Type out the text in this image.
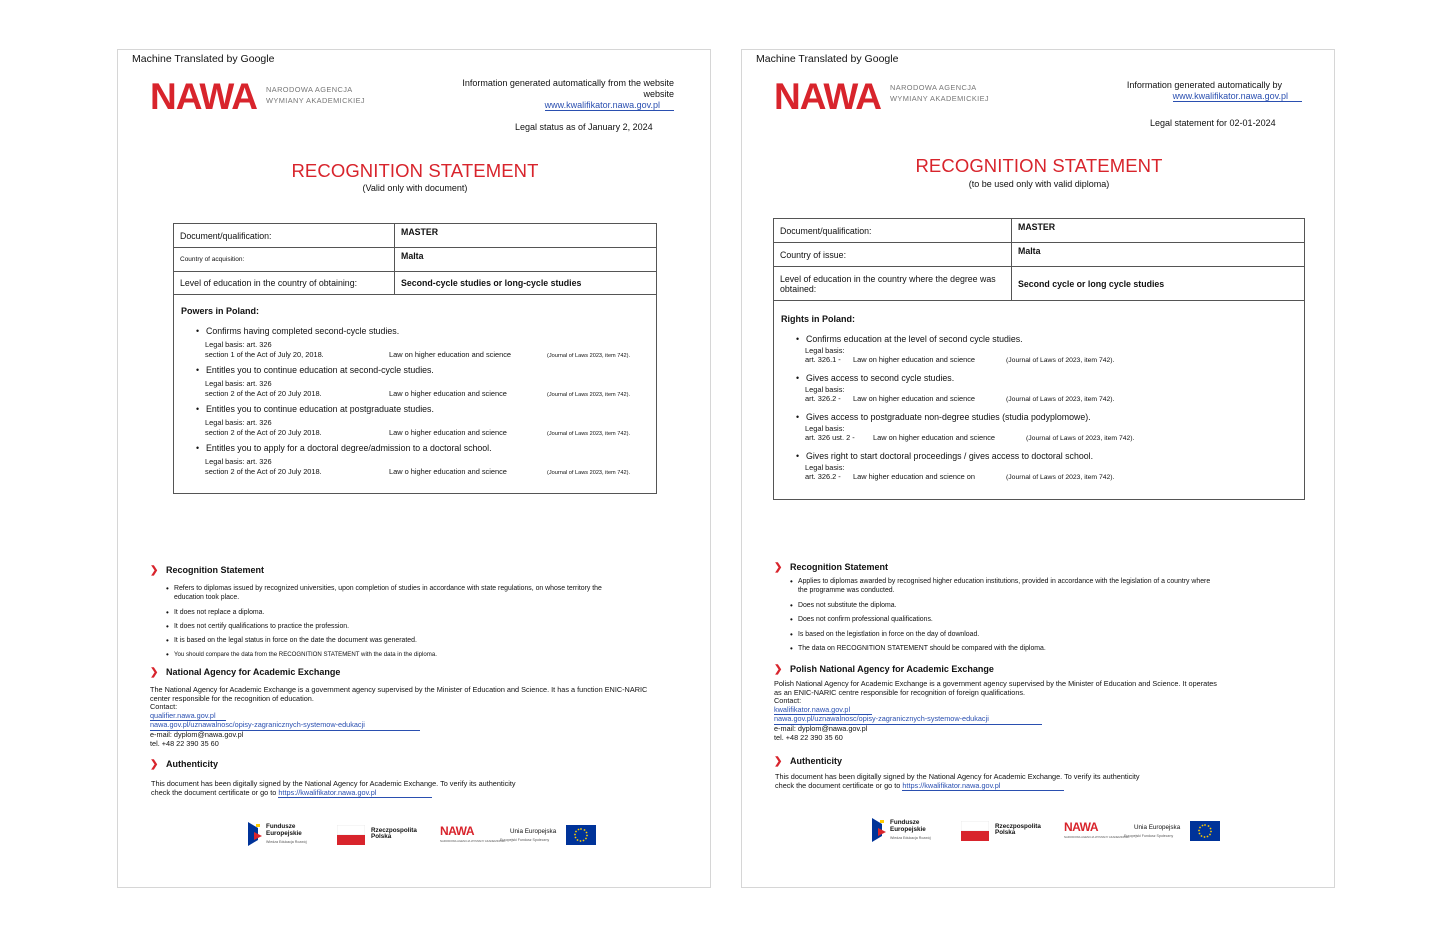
Machine Translated by Google
NAWA NARODOWA AGENCJA
WYMIANY AKADEMICKIEJ
Information generated automatically from the website
website
www.kwalifikator.nawa.gov.pl
Legal status as of January 2, 2024
RECOGNITION STATEMENT
(Valid only with document)
Document/qualification:	MASTER
Country of acquisition:	Malta
Level of education in the country of obtaining:	Second-cycle studies or long-cycle studies
Powers in Poland:
• Confirms having completed second-cycle studies.
Legal basis: art. 326
section 1 of the Act of July 20, 2018.	Law on higher education and science	(Journal of Laws 2023, item 742).
• Entitles you to continue education at second-cycle studies.
Legal basis: art. 326
section 2 of the Act of 20 July 2018.	Law o higher education and science	(Journal of Laws 2023, item 742).
• Entitles you to continue education at postgraduate studies.
Legal basis: art. 326
section 2 of the Act of 20 July 2018.	Law o higher education and science	(Journal of Laws 2023, item 742).
• Entitles you to apply for a doctoral degree/admission to a doctoral school.
Legal basis: art. 326
section 2 of the Act of 20 July 2018.	Law o higher education and science	(Journal of Laws 2023, item 742).
❯ Recognition Statement
• Refers to diplomas issued by recognized universities, upon completion of studies in accordance with state regulations, on whose territory the education took place.
• It does not replace a diploma.
• It does not certify qualifications to practice the profession.
• It is based on the legal status in force on the date the document was generated.
• You should compare the data from the RECOGNITION STATEMENT with the data in the diploma.
❯ National Agency for Academic Exchange
The National Agency for Academic Exchange is a government agency supervised by the Minister of Education and Science. It has a function ENIC-NARIC center responsible for the recognition of education.
Contact:
qualifier.nawa.gov.pl
nawa.gov.pl/uznawalnosc/opisy-zagranicznych-systemow-edukacji
e-mail: dyplom@nawa.gov.pl
tel. +48 22 390 35 60
❯ Authenticity
This document has been digitally signed by the National Agency for Academic Exchange. To verify its authenticity
check the document certificate or go to https://kwalifikator.nawa.gov.pl
Fundusze
Europejskie
Wiedza Edukacja Rozwój
Rzeczpospolita
Polska	NAWA
NARODOWA AGENCJA WYMIANY AKADEMICKIEJ
Unia Europejska
Europejski Fundusz Społeczny
Machine Translated by Google
NAWA NARODOWA AGENCJA
WYMIANY AKADEMICKIEJ
Information generated automatically by
www.kwalifikator.nawa.gov.pl
Legal statement for 02-01-2024
RECOGNITION STATEMENT
(to be used only with valid diploma)
Document/qualification:	MASTER
Country of issue:	Malta
Level of education in the country where the degree was obtained:	Second cycle or long cycle studies
Rights in Poland:
• Confirms education at the level of second cycle studies.
Legal basis:
art. 326.1 - Law on higher education and science	(Journal of Laws of 2023, item 742).
• Gives access to second cycle studies.
Legal basis:
art. 326.2 - Law on higher education and science	(Journal of Laws of 2023, item 742).
• Gives access to postgraduate non-degree studies (studia podyplomowe).
Legal basis:
art. 326 ust. 2 - Law on higher education and science	(Journal of Laws of 2023, item 742).
• Gives right to start doctoral proceedings / gives access to doctoral school.
Legal basis:
art. 326.2 - Law higher education and science on	(Journal of Laws of 2023, item 742).
❯ Recognition Statement
• Applies to diplomas awarded by recognised higher education institutions, provided in accordance with the legislation of a country where the programme was conducted.
• Does not substitute the diploma.
• Does not confirm professional qualifications.
• Is based on the legistlation in force on the day of download.
• The data on RECOGNITION STATEMENT should be compared with the diploma.
❯ Polish National Agency for Academic Exchange
Polish National Agency for Academic Exchange is a government agency supervised by the Minister of Education and Science. It operates as an ENIC-NARIC centre responsible for recognition of foreign qualifications.
Contact:
kwalifikator.nawa.gov.pl
nawa.gov.pl/uznawalnosc/opisy-zagranicznych-systemow-edukacji
e-mail: dyplom@nawa.gov.pl
tel. +48 22 390 35 60
❯ Authenticity
This document has been digitally signed by the National Agency for Academic Exchange. To verify its authenticity
check the document certificate or go to https://kwalifikator.nawa.gov.pl
Fundusze
Europejskie
Wiedza Edukacja Rozwój
Rzeczpospolita
Polska	NAWA
NARODOWA AGENCJA WYMIANY AKADEMICKIEJ
Unia Europejska
Europejski Fundusz Społeczny
